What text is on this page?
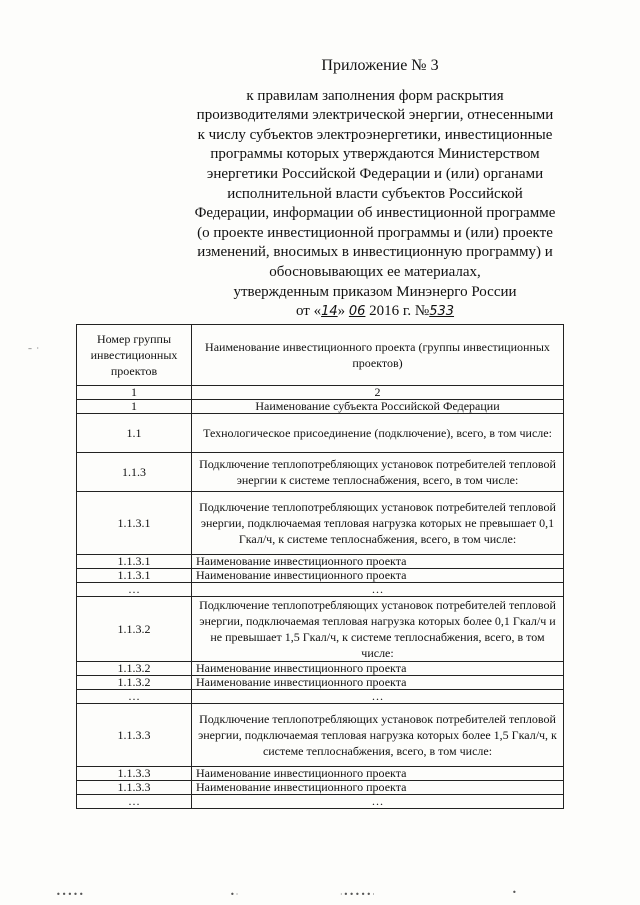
Приложение № 3
к правилам заполнения форм раскрытия
производителями электрической энергии, отнесенными
к числу субъектов электроэнергетики, инвестиционные
программы которых утверждаются Министерством
энергетики Российской Федерации и (или) органами
исполнительной власти субъектов Российской
Федерации, информации об инвестиционной программе
(о проекте инвестиционной программы и (или) проекте
изменений, вносимых в инвестиционную программу) и
обосновывающих ее материалах,
утвержденным приказом Минэнерго России
от «14» 06 2016 г. №533
Номер группы инвестиционных проектов	Наименование инвестиционного проекта (группы инвестиционных проектов)
1	2
1	Наименование субъекта Российской Федерации
1.1	Технологическое присоединение (подключение), всего, в том числе:
1.1.3	Подключение теплопотребляющих установок потребителей тепловой энергии к системе теплоснабжения, всего, в том числе:
1.1.3.1	Подключение теплопотребляющих установок потребителей тепловой энергии, подключаемая тепловая нагрузка которых не превышает 0,1 Гкал/ч, к системе теплоснабжения, всего, в том числе:
1.1.3.1	Наименование инвестиционного проекта
1.1.3.1	Наименование инвестиционного проекта
…	…
1.1.3.2	Подключение теплопотребляющих установок потребителей тепловой энергии, подключаемая тепловая нагрузка которых более 0,1 Гкал/ч и не превышает 1,5 Гкал/ч, к системе теплоснабжения, всего, в том числе:
1.1.3.2	Наименование инвестиционного проекта
1.1.3.2	Наименование инвестиционного проекта
…	…
1.1.3.3	Подключение теплопотребляющих установок потребителей тепловой энергии, подключаемая тепловая нагрузка которых более 1,5 Гкал/ч, к системе теплоснабжения, всего, в том числе:
1.1.3.3	Наименование инвестиционного проекта
1.1.3.3	Наименование инвестиционного проекта
…	…
– ·
•••••	•·	·•••••·	•
